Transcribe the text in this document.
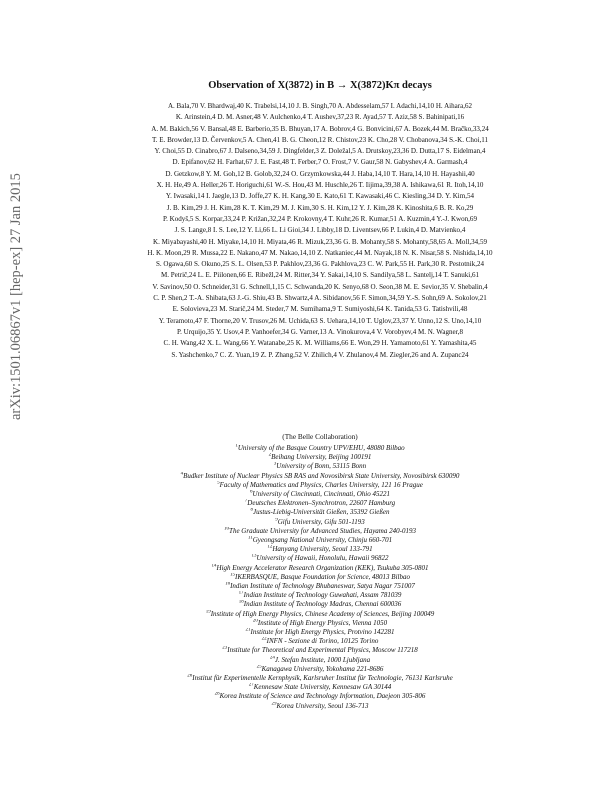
arXiv:1501.06867v1 [hep-ex] 27 Jan 2015
Observation of X(3872) in B → X(3872)Kπ decays
A. Bala,70 V. Bhardwaj,40 K. Trabelsi,14,10 J. B. Singh,70 A. Abdesselam,57 I. Adachi,14,10 H. Aihara,62
K. Arinstein,4 D. M. Asner,48 V. Aulchenko,4 T. Aushev,37,23 R. Ayad,57 T. Aziz,58 S. Bahinipati,16
A. M. Bakich,56 V. Bansal,48 E. Barberio,35 B. Bhuyan,17 A. Bobrov,4 G. Bonvicini,67 A. Bozek,44 M. Bračko,33,24
T. E. Browder,13 D. Červenkov,5 A. Chen,41 B. G. Cheon,12 R. Chistov,23 K. Cho,28 V. Chobanova,34 S.-K. Choi,11
Y. Choi,55 D. Cinabro,67 J. Dalseno,34,59 J. Dingfelder,3 Z. Doležal,5 A. Drutskoy,23,36 D. Dutta,17 S. Eidelman,4
D. Epifanov,62 H. Farhat,67 J. E. Fast,48 T. Ferber,7 O. Frost,7 V. Gaur,58 N. Gabyshev,4 A. Garmash,4
D. Getzkow,8 Y. M. Goh,12 B. Golob,32,24 O. Grzymkowska,44 J. Haba,14,10 T. Hara,14,10 H. Hayashii,40
X. H. He,49 A. Heller,26 T. Horiguchi,61 W.-S. Hou,43 M. Huschle,26 T. Iijima,39,38 A. Ishikawa,61 R. Itoh,14,10
Y. Iwasaki,14 I. Jaegle,13 D. Joffe,27 K. H. Kang,30 E. Kato,61 T. Kawasaki,46 C. Kiesling,34 D. Y. Kim,54
J. B. Kim,29 J. H. Kim,28 K. T. Kim,29 M. J. Kim,30 S. H. Kim,12 Y. J. Kim,28 K. Kinoshita,6 B. R. Ko,29
P. Kodyš,5 S. Korpar,33,24 P. Križan,32,24 P. Krokovny,4 T. Kuhr,26 R. Kumar,51 A. Kuzmin,4 Y.-J. Kwon,69
J. S. Lange,8 I. S. Lee,12 Y. Li,66 L. Li Gioi,34 J. Libby,18 D. Liventsev,66 P. Lukin,4 D. Matvienko,4
K. Miyabayashi,40 H. Miyake,14,10 H. Miyata,46 R. Mizuk,23,36 G. B. Mohanty,58 S. Mohanty,58,65 A. Moll,34,59
H. K. Moon,29 R. Mussa,22 E. Nakano,47 M. Nakao,14,10 Z. Natkaniec,44 M. Nayak,18 N. K. Nisar,58 S. Nishida,14,10
S. Ogawa,60 S. Okuno,25 S. L. Olsen,53 P. Pakhlov,23,36 G. Pakhlova,23 C. W. Park,55 H. Park,30 R. Pestotnik,24
M. Petrič,24 L. E. Piilonen,66 E. Ribežl,24 M. Ritter,34 Y. Sakai,14,10 S. Sandilya,58 L. Santelj,14 T. Sanuki,61
V. Savinov,50 O. Schneider,31 G. Schnell,1,15 C. Schwanda,20 K. Senyo,68 O. Seon,38 M. E. Sevior,35 V. Shebalin,4
C. P. Shen,2 T.-A. Shibata,63 J.-G. Shiu,43 B. Shwartz,4 A. Sibidanov,56 F. Simon,34,59 Y.-S. Sohn,69 A. Sokolov,21
E. Solovieva,23 M. Starič,24 M. Steder,7 M. Sumihama,9 T. Sumiyoshi,64 K. Tanida,53 G. Tatishvili,48
Y. Teramoto,47 F. Thorne,20 V. Trusov,26 M. Uchida,63 S. Uehara,14,10 T. Uglov,23,37 Y. Unno,12 S. Uno,14,10
P. Urquijo,35 Y. Usov,4 P. Vanhoefer,34 G. Varner,13 A. Vinokurova,4 V. Vorobyev,4 M. N. Wagner,8
C. H. Wang,42 X. L. Wang,66 Y. Watanabe,25 K. M. Williams,66 E. Won,29 H. Yamamoto,61 Y. Yamashita,45
S. Yashchenko,7 C. Z. Yuan,19 Z. P. Zhang,52 V. Zhilich,4 V. Zhulanov,4 M. Ziegler,26 and A. Zupanc24
(The Belle Collaboration)
$^1$University of the Basque Country UPV/EHU, 48080 Bilbao
$^2$Beihang University, Beijing 100191
$^3$University of Bonn, 53115 Bonn
$^4$Budker Institute of Nuclear Physics SB RAS and Novosibirsk State University, Novosibirsk 630090
$^5$Faculty of Mathematics and Physics, Charles University, 121 16 Prague
$^6$University of Cincinnati, Cincinnati, Ohio 45221
$^7$Deutsches Elektronen–Synchrotron, 22607 Hamburg
$^8$Justus-Liebig-Universität Gießen, 35392 Gießen
$^9$Gifu University, Gifu 501-1193
$^{10}$The Graduate University for Advanced Studies, Hayama 240-0193
$^{11}$Gyeongsang National University, Chinju 660-701
$^{12}$Hanyang University, Seoul 133-791
$^{13}$University of Hawaii, Honolulu, Hawaii 96822
$^{14}$High Energy Accelerator Research Organization (KEK), Tsukuba 305-0801
$^{15}$IKERBASQUE, Basque Foundation for Science, 48013 Bilbao
$^{16}$Indian Institute of Technology Bhubaneswar, Satya Nagar 751007
$^{17}$Indian Institute of Technology Guwahati, Assam 781039
$^{18}$Indian Institute of Technology Madras, Chennai 600036
$^{19}$Institute of High Energy Physics, Chinese Academy of Sciences, Beijing 100049
$^{20}$Institute of High Energy Physics, Vienna 1050
$^{21}$Institute for High Energy Physics, Protvino 142281
$^{22}$INFN - Sezione di Torino, 10125 Torino
$^{23}$Institute for Theoretical and Experimental Physics, Moscow 117218
$^{24}$J. Stefan Institute, 1000 Ljubljana
$^{25}$Kanagawa University, Yokohama 221-8686
$^{26}$Institut für Experimentelle Kernphysik, Karlsruher Institut für Technologie, 76131 Karlsruhe
$^{27}$Kennesaw State University, Kennesaw GA 30144
$^{28}$Korea Institute of Science and Technology Information, Daejeon 305-806
$^{29}$Korea University, Seoul 136-713
